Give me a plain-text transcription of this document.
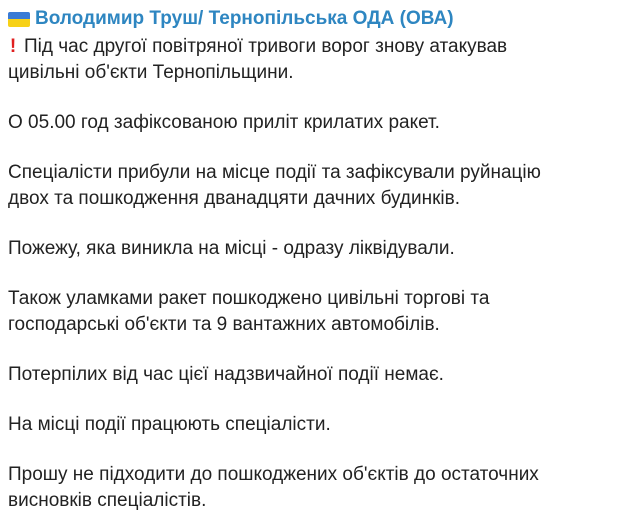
Володимир Труш/ Тернопільська ОДА (ОВА)
! Під час другої повітряної тривоги ворог знову атакував
цивільні об'єкти Тернопільщини.
О 05.00 год зафіксованою приліт крилатих ракет.
Спеціалісти прибули на місце події та зафіксували руйнацію
двох та пошкодження дванадцяти дачних будинків.
Пожежу, яка виникла на місці - одразу ліквідували.
Також уламками ракет пошкоджено цивільні торгові та
господарські об'єкти та 9 вантажних автомобілів.
Потерпілих від час цієї надзвичайної події немає.
На місці події працюють спеціалісти.
Прошу не підходити до пошкоджених об'єктів до остаточних
висновків спеціалістів.
